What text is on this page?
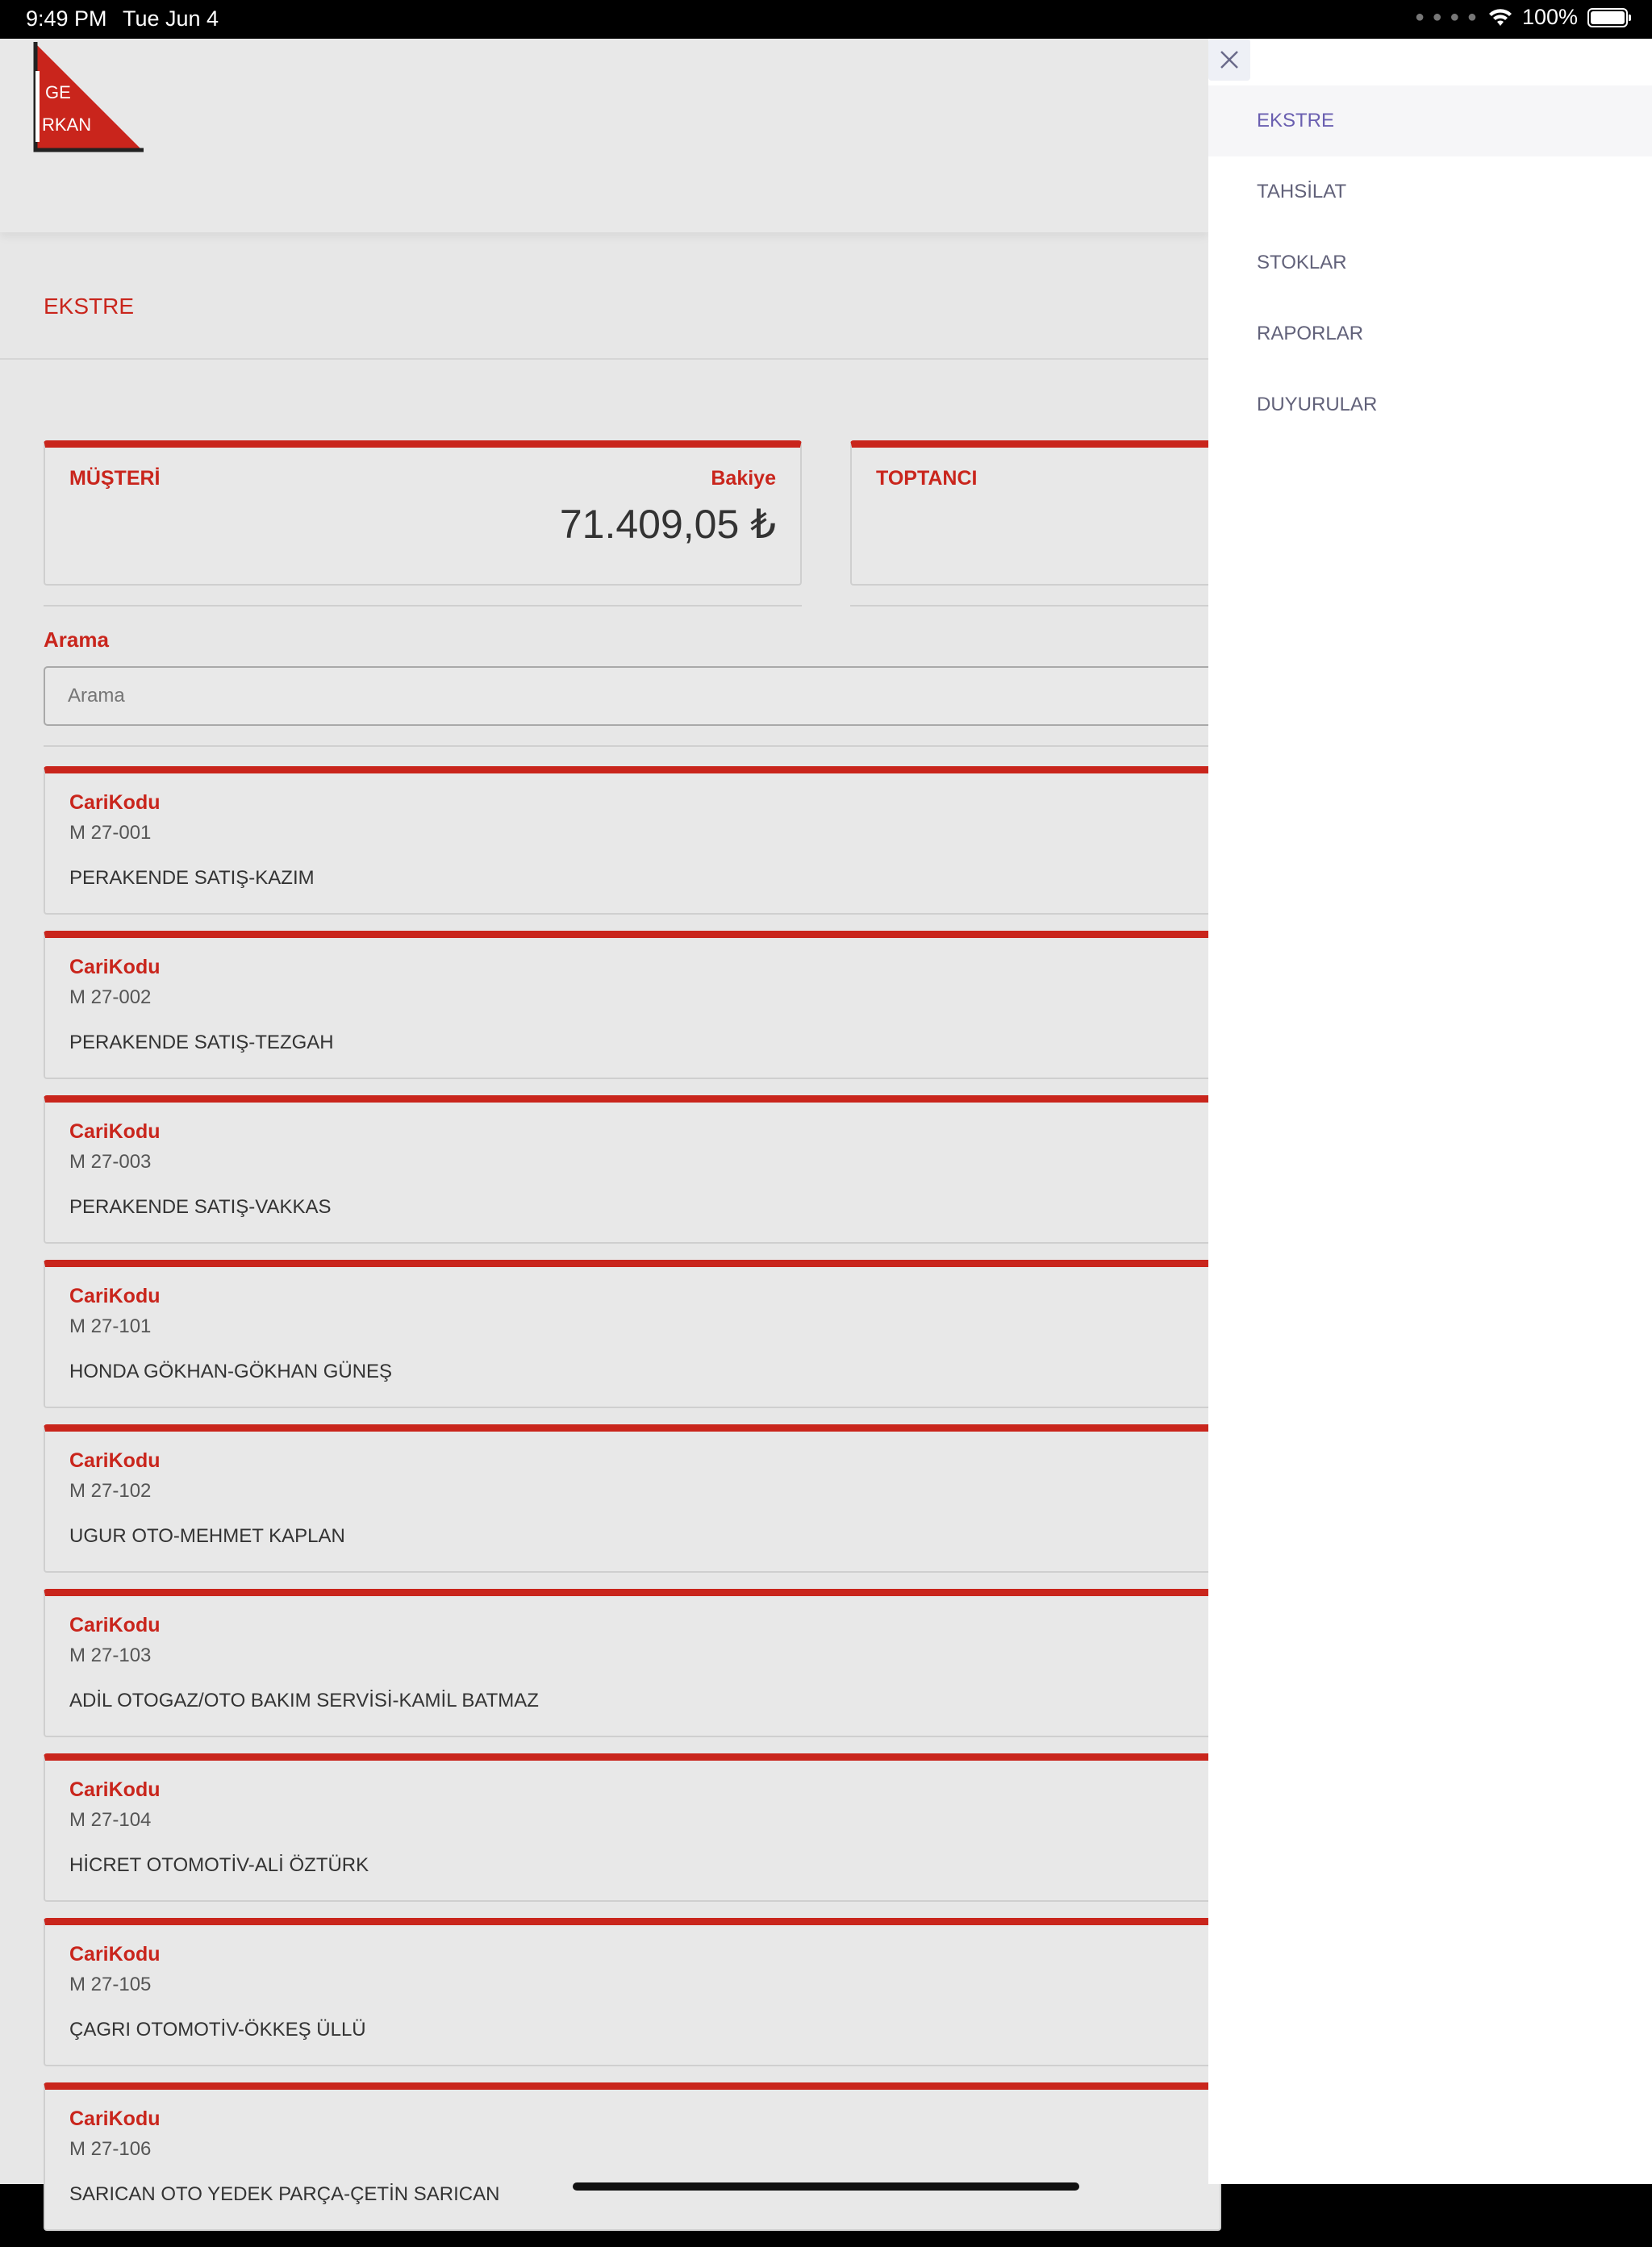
9:49 PM Tue Jun 4	● ● ● ● 100%
GE
RKAN
EKSTRE
MÜŞTERİ	Bakiye
71.409,05 ₺
TOPTANCI
Arama
Arama
CariKodu
M 27-001
PERAKENDE SATIŞ-KAZIM
CariKodu
M 27-002
PERAKENDE SATIŞ-TEZGAH
CariKodu
M 27-003
PERAKENDE SATIŞ-VAKKAS
CariKodu
M 27-101
HONDA GÖKHAN-GÖKHAN GÜNEŞ
CariKodu
M 27-102
UGUR OTO-MEHMET KAPLAN
CariKodu
M 27-103
ADİL OTOGAZ/OTO BAKIM SERVİSİ-KAMİL BATMAZ
CariKodu
M 27-104
HİCRET OTOMOTİV-ALİ ÖZTÜRK
CariKodu
M 27-105
ÇAGRI OTOMOTİV-ÖKKEŞ ÜLLÜ
CariKodu
M 27-106
SARICAN OTO YEDEK PARÇA-ÇETİN SARICAN
EKSTRE
TAHSİLAT
STOKLAR
RAPORLAR
DUYURULAR
